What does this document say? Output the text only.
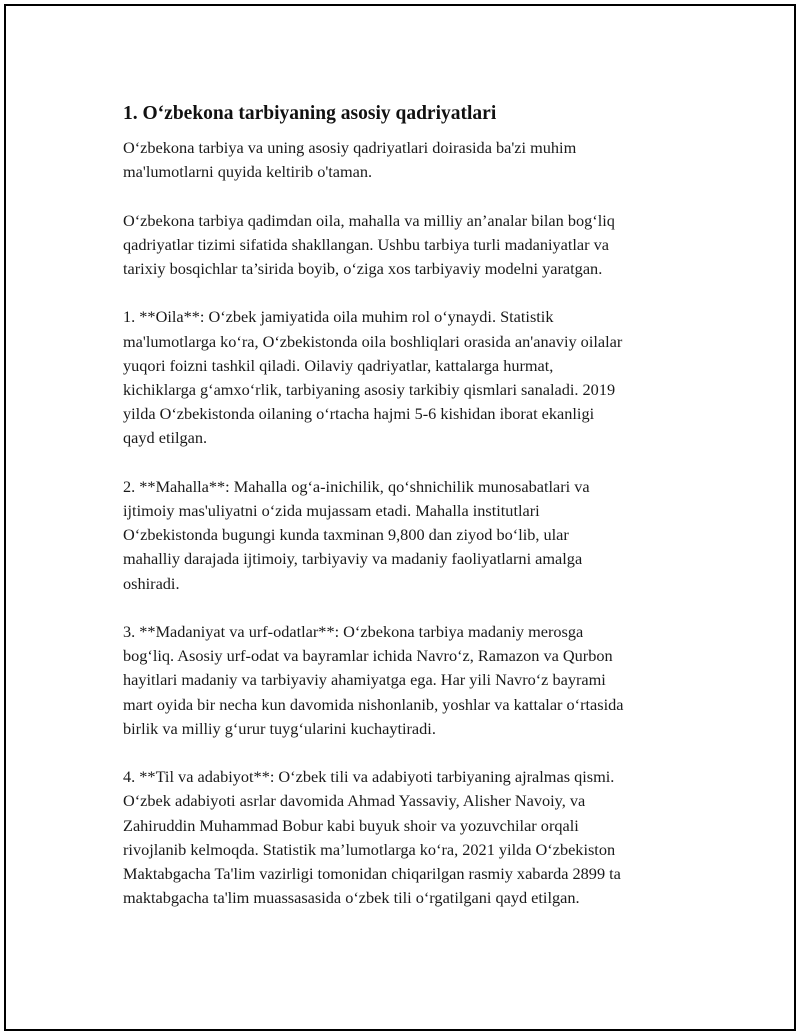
1. O‘zbekona tarbiyaning asosiy qadriyatlari

O‘zbekona tarbiya va uning asosiy qadriyatlari doirasida ba'zi muhim
ma'lumotlarni quyida keltirib o'taman.

O‘zbekona tarbiya qadimdan oila, mahalla va milliy an’analar bilan bog‘liq
qadriyatlar tizimi sifatida shakllangan. Ushbu tarbiya turli madaniyatlar va
tarixiy bosqichlar ta’sirida boyib, o‘ziga xos tarbiyaviy modelni yaratgan.

1. **Oila**: O‘zbek jamiyatida oila muhim rol o‘ynaydi. Statistik
ma'lumotlarga ko‘ra, O‘zbekistonda oila boshliqlari orasida an'anaviy oilalar
yuqori foizni tashkil qiladi. Oilaviy qadriyatlar, kattalarga hurmat,
kichiklarga g‘amxo‘rlik, tarbiyaning asosiy tarkibiy qismlari sanaladi. 2019
yilda O‘zbekistonda oilaning o‘rtacha hajmi 5-6 kishidan iborat ekanligi
qayd etilgan.

2. **Mahalla**: Mahalla og‘a-inichilik, qo‘shnichilik munosabatlari va
ijtimoiy mas'uliyatni o‘zida mujassam etadi. Mahalla institutlari
O‘zbekistonda bugungi kunda taxminan 9,800 dan ziyod bo‘lib, ular
mahalliy darajada ijtimoiy, tarbiyaviy va madaniy faoliyatlarni amalga
oshiradi.

3. **Madaniyat va urf-odatlar**: O‘zbekona tarbiya madaniy merosga
bog‘liq. Asosiy urf-odat va bayramlar ichida Navro‘z, Ramazon va Qurbon
hayitlari madaniy va tarbiyaviy ahamiyatga ega. Har yili Navro‘z bayrami
mart oyida bir necha kun davomida nishonlanib, yoshlar va kattalar o‘rtasida
birlik va milliy g‘urur tuyg‘ularini kuchaytiradi.

4. **Til va adabiyot**: O‘zbek tili va adabiyoti tarbiyaning ajralmas qismi.
O‘zbek adabiyoti asrlar davomida Ahmad Yassaviy, Alisher Navoiy, va
Zahiruddin Muhammad Bobur kabi buyuk shoir va yozuvchilar orqali
rivojlanib kelmoqda. Statistik ma’lumotlarga ko‘ra, 2021 yilda O‘zbekiston
Maktabgacha Ta'lim vazirligi tomonidan chiqarilgan rasmiy xabarda 2899 ta
maktabgacha ta'lim muassasasida o‘zbek tili o‘rgatilgani qayd etilgan.
